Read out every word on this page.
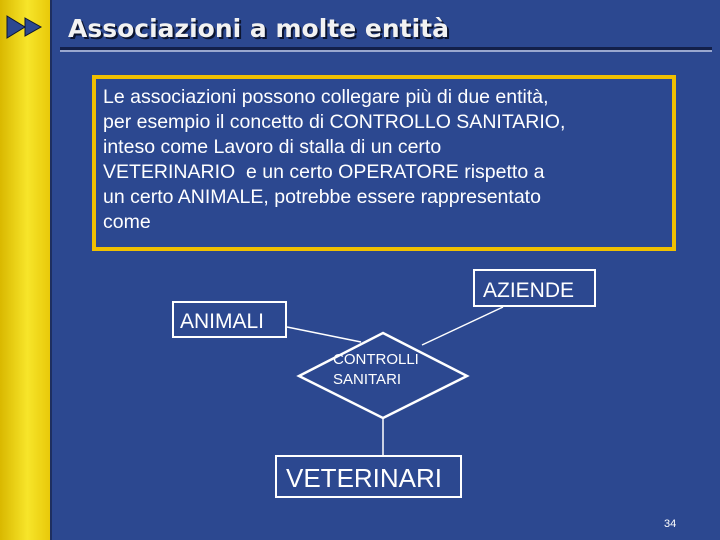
Associazioni a molte entità

Le associazioni possono collegare più di due entità,

per esempio il concetto di CONTROLLO SANITARIO,

inteso come Lavoro di stalla di un certo

VETERINARIO  e un certo OPERATORE rispetto a

un certo ANIMALE, potrebbe essere rappresentato

come

AZIENDE
ANIMALI
VETERINARI
CONTROLLI
SANITARI
34
